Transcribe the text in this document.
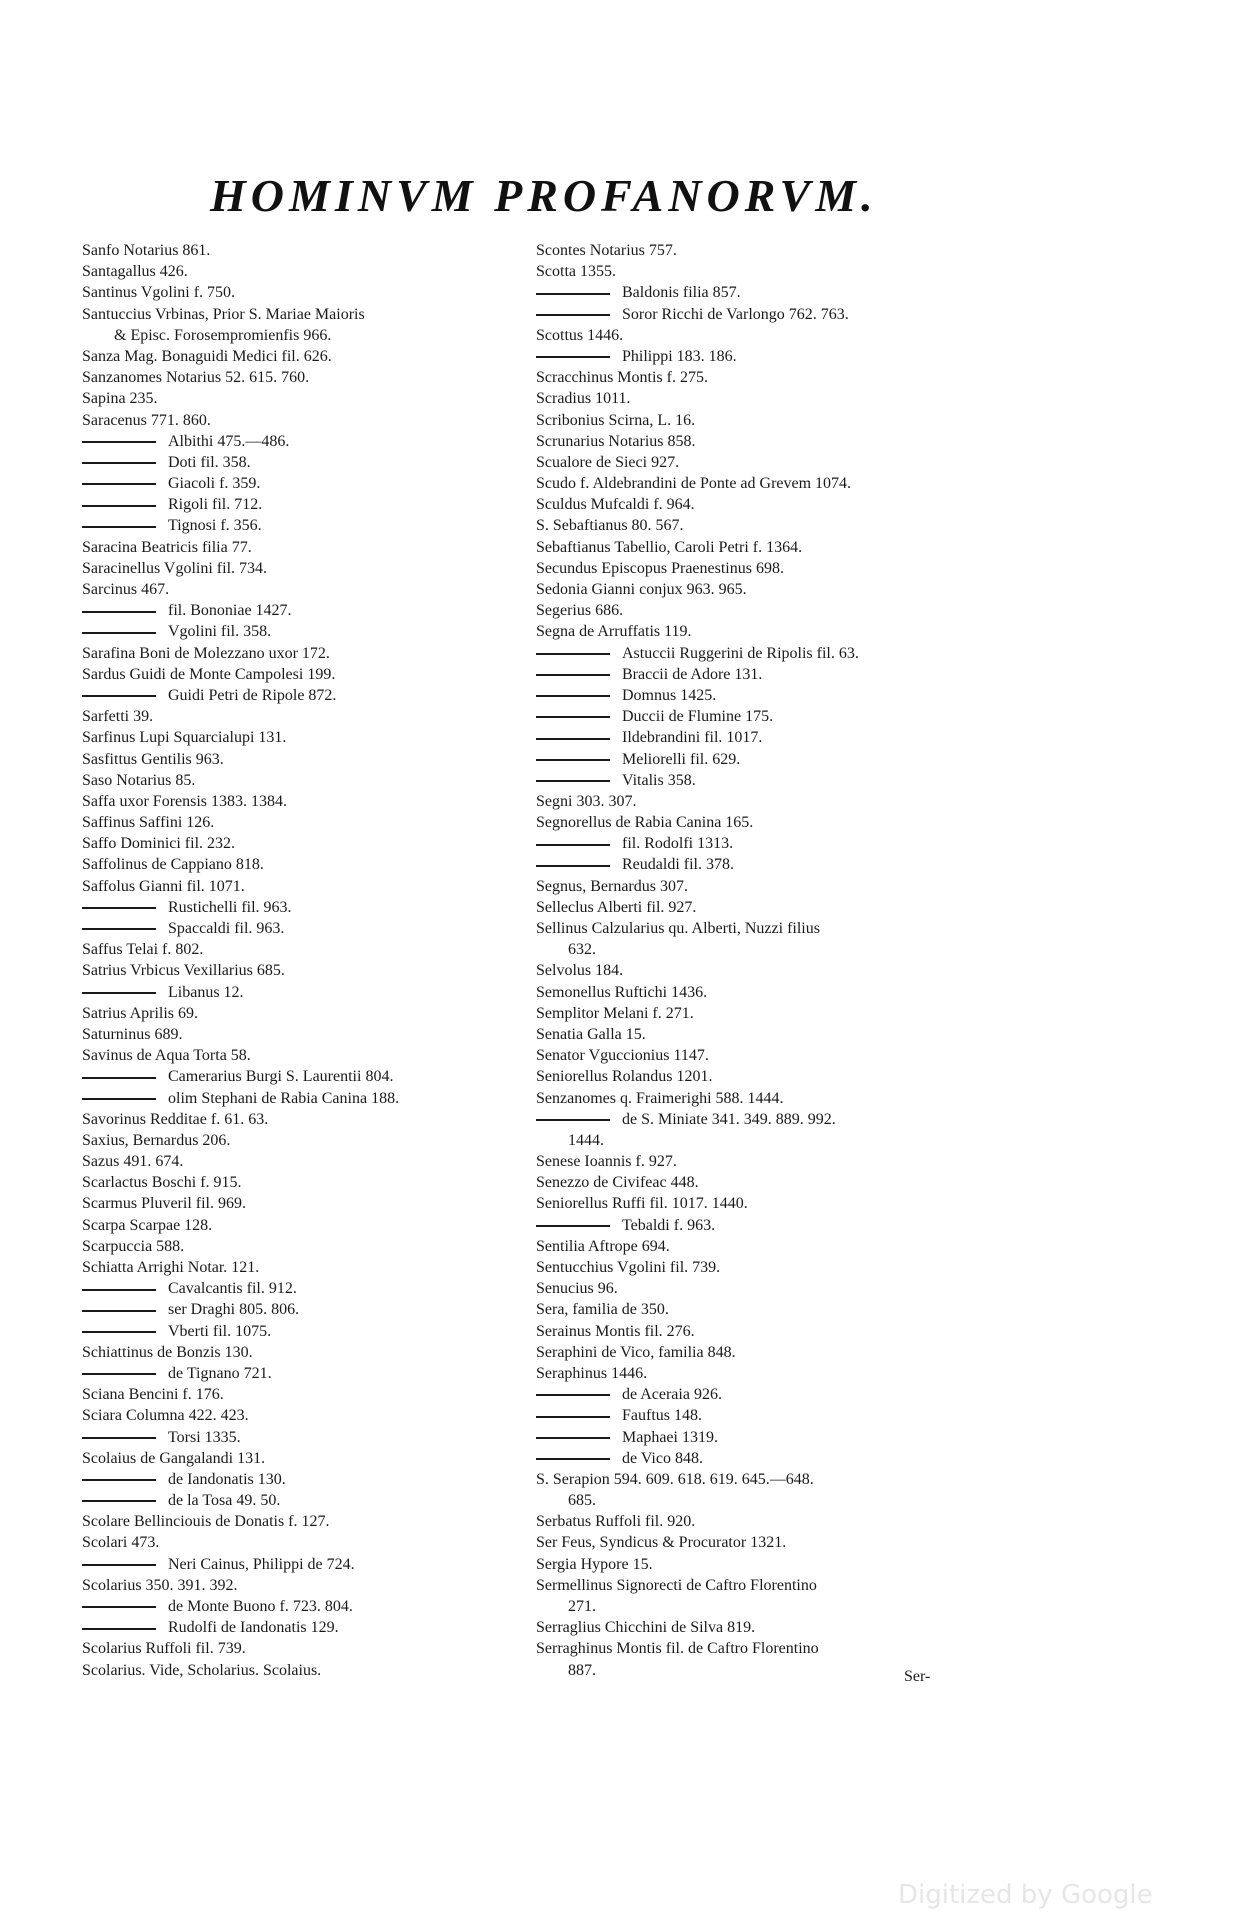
HOMINVM PROFANORVM.
Sanfo Notarius 861.
Santagallus 426.
Santinus Vgolini f. 750.
Santuccius Vrbinas, Prior S. Mariae Maioris
& Episc. Forosempromienfis 966.
Sanza Mag. Bonaguidi Medici fil. 626.
Sanzanomes Notarius 52. 615. 760.
Sapina 235.
Saracenus 771. 860.
Albithi 475.—486.
Doti fil. 358.
Giacoli f. 359.
Rigoli fil. 712.
Tignosi f. 356.
Saracina Beatricis filia 77.
Saracinellus Vgolini fil. 734.
Sarcinus 467.
fil. Bononiae 1427.
Vgolini fil. 358.
Sarafina Boni de Molezzano uxor 172.
Sardus Guidi de Monte Campolesi 199.
Guidi Petri de Ripole 872.
Sarfetti 39.
Sarfinus Lupi Squarcialupi 131.
Sasfittus Gentilis 963.
Saso Notarius 85.
Saffa uxor Forensis 1383. 1384.
Saffinus Saffini 126.
Saffo Dominici fil. 232.
Saffolinus de Cappiano 818.
Saffolus Gianni fil. 1071.
Rustichelli fil. 963.
Spaccaldi fil. 963.
Saffus Telai f. 802.
Satrius Vrbicus Vexillarius 685.
Libanus 12.
Satrius Aprilis 69.
Saturninus 689.
Savinus de Aqua Torta 58.
Camerarius Burgi S. Laurentii 804.
olim Stephani de Rabia Canina 188.
Savorinus Redditae f. 61. 63.
Saxius, Bernardus 206.
Sazus 491. 674.
Scarlactus Boschi f. 915.
Scarmus Pluveril fil. 969.
Scarpa Scarpae 128.
Scarpuccia 588.
Schiatta Arrighi Notar. 121.
Cavalcantis fil. 912.
ser Draghi 805. 806.
Vberti fil. 1075.
Schiattinus de Bonzis 130.
de Tignano 721.
Sciana Bencini f. 176.
Sciara Columna 422. 423.
Torsi 1335.
Scolaius de Gangalandi 131.
de Iandonatis 130.
de la Tosa 49. 50.
Scolare Bellinciouis de Donatis f. 127.
Scolari 473.
Neri Cainus, Philippi de 724.
Scolarius 350. 391. 392.
de Monte Buono f. 723. 804.
Rudolfi de Iandonatis 129.
Scolarius Ruffoli fil. 739.
Scolarius. Vide, Scholarius. Scolaius.
Scontes Notarius 757.
Scotta 1355.
Baldonis filia 857.
Soror Ricchi de Varlongo 762. 763.
Scottus 1446.
Philippi 183. 186.
Scracchinus Montis f. 275.
Scradius 1011.
Scribonius Scirna, L. 16.
Scrunarius Notarius 858.
Scualore de Sieci 927.
Scudo f. Aldebrandini de Ponte ad Grevem 1074.
Sculdus Mufcaldi f. 964.
S. Sebaftianus 80. 567.
Sebaftianus Tabellio, Caroli Petri f. 1364.
Secundus Episcopus Praenestinus 698.
Sedonia Gianni conjux 963. 965.
Segerius 686.
Segna de Arruffatis 119.
Astuccii Ruggerini de Ripolis fil. 63.
Braccii de Adore 131.
Domnus 1425.
Duccii de Flumine 175.
Ildebrandini fil. 1017.
Meliorelli fil. 629.
Vitalis 358.
Segni 303. 307.
Segnorellus de Rabia Canina 165.
fil. Rodolfi 1313.
Reudaldi fil. 378.
Segnus, Bernardus 307.
Selleclus Alberti fil. 927.
Sellinus Calzularius qu. Alberti, Nuzzi filius
632.
Selvolus 184.
Semonellus Ruftichi 1436.
Semplitor Melani f. 271.
Senatia Galla 15.
Senator Vguccionius 1147.
Seniorellus Rolandus 1201.
Senzanomes q. Fraimerighi 588. 1444.
de S. Miniate 341. 349. 889. 992.
1444.
Senese Ioannis f. 927.
Senezzo de Civifeac 448.
Seniorellus Ruffi fil. 1017. 1440.
Tebaldi f. 963.
Sentilia Aftrope 694.
Sentucchius Vgolini fil. 739.
Senucius 96.
Sera, familia de 350.
Serainus Montis fil. 276.
Seraphini de Vico, familia 848.
Seraphinus 1446.
de Aceraia 926.
Fauftus 148.
Maphaei 1319.
de Vico 848.
S. Serapion 594. 609. 618. 619. 645.—648.
685.
Serbatus Ruffoli fil. 920.
Ser Feus, Syndicus & Procurator 1321.
Sergia Hypore 15.
Sermellinus Signorecti de Caftro Florentino
271.
Serraglius Chicchini de Silva 819.
Serraghinus Montis fil. de Caftro Florentino
887.	Ser-
Digitized by Google
